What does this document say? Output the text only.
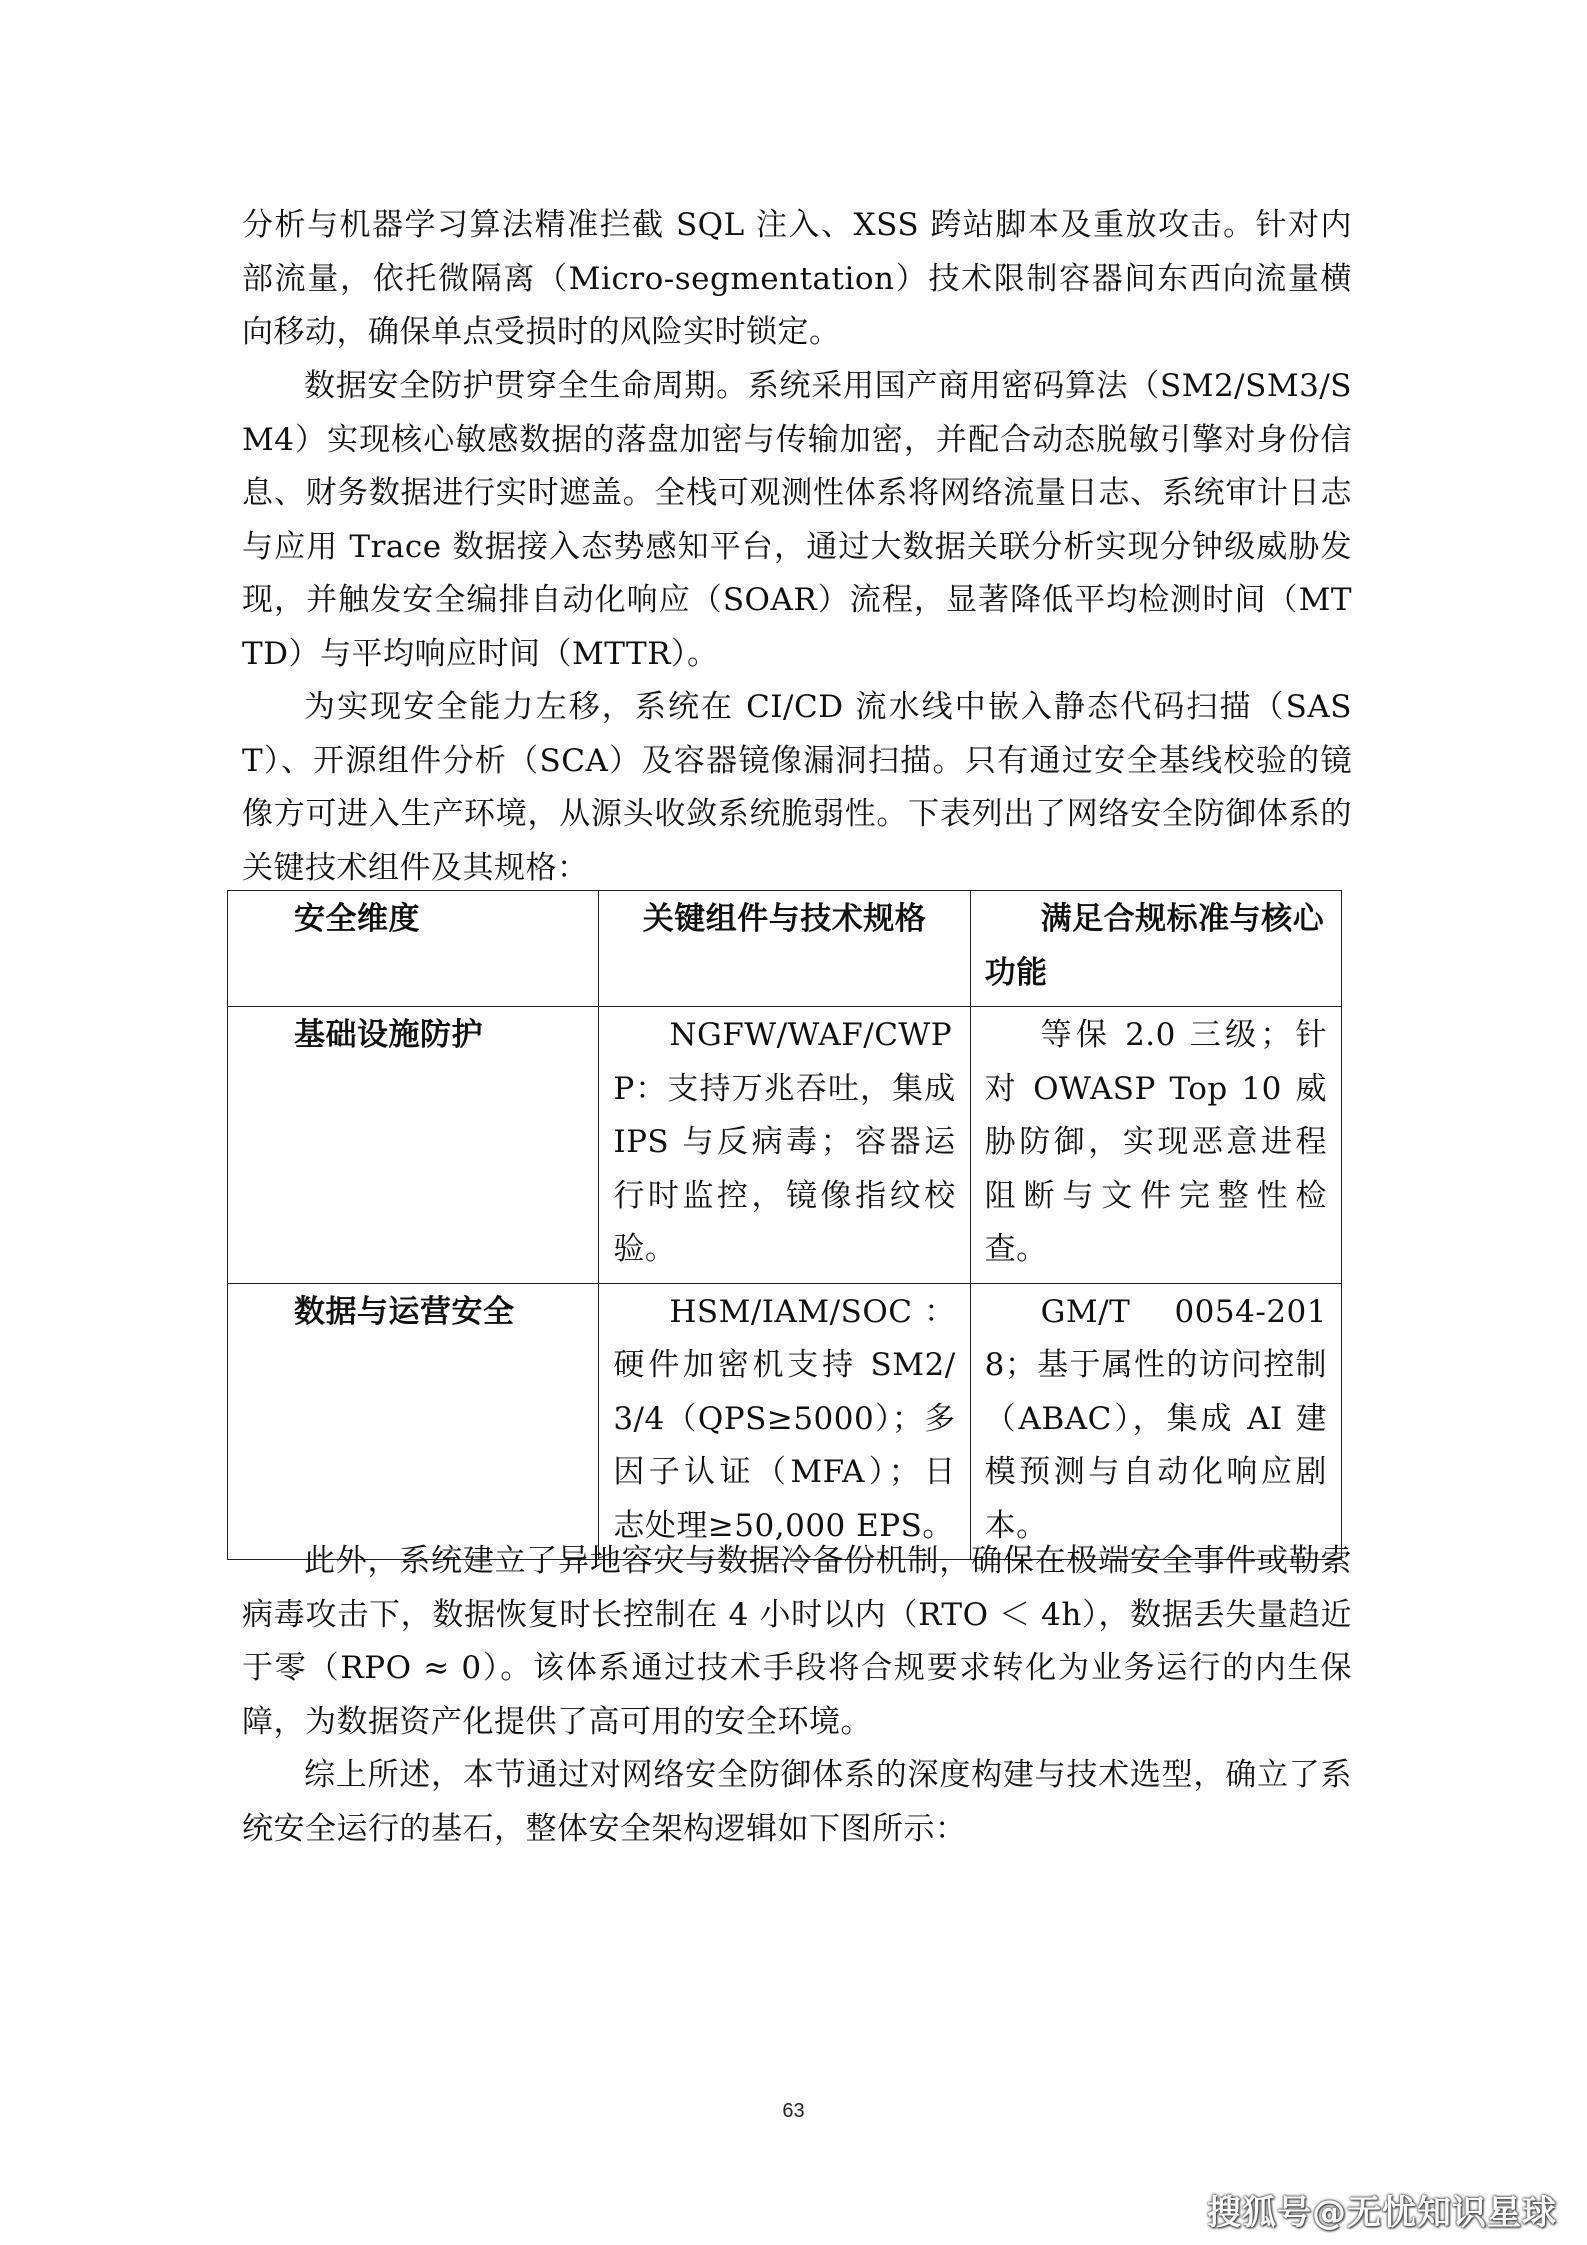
分析与机器学习算法精准拦截 SQL 注入、XSS 跨站脚本及重放攻击。针对内部流量，依托微隔离（Micro-segmentation）技术限制容器间东西向流量横向移动，确保单点受损时的风险实时锁定。

数据安全防护贯穿全生命周期。系统采用国产商用密码算法（SM2/SM3/SM4）实现核心敏感数据的落盘加密与传输加密，并配合动态脱敏引擎对身份信息、财务数据进行实时遮盖。全栈可观测性体系将网络流量日志、系统审计日志与应用 Trace 数据接入态势感知平台，通过大数据关联分析实现分钟级威胁发现，并触发安全编排自动化响应（SOAR）流程，显著降低平均检测时间（MTTD）与平均响应时间（MTTR）。

为实现安全能力左移，系统在 CI/CD 流水线中嵌入静态代码扫描（SAST）、开源组件分析（SCA）及容器镜像漏洞扫描。只有通过安全基线校验的镜像方可进入生产环境，从源头收敛系统脆弱性。下表列出了网络安全防御体系的关键技术组件及其规格：

安全维度	关键组件与技术规格	满足合规标准与核心功能
基础设施防护	NGFW/WAF/CWPP：支持万兆吞吐，集成 IPS 与反病毒；容器运行时监控，镜像指纹校验。	等保 2.0 三级；针对 OWASP Top 10 威胁防御，实现恶意进程阻断与文件完整性检查。
数据与运营安全	HSM/IAM/SOC：硬件加密机支持 SM2/3/4（QPS≥5000）；多因子认证（MFA）；日志处理≥50,000 EPS。	GM/T 0054-2018；基于属性的访问控制（ABAC），集成 AI 建模预测与自动化响应剧本。

此外，系统建立了异地容灾与数据冷备份机制，确保在极端安全事件或勒索病毒攻击下，数据恢复时长控制在 4 小时以内（RTO ＜ 4h），数据丢失量趋近于零（RPO ≈ 0）。该体系通过技术手段将合规要求转化为业务运行的内生保障，为数据资产化提供了高可用的安全环境。

综上所述，本节通过对网络安全防御体系的深度构建与技术选型，确立了系统安全运行的基石，整体安全架构逻辑如下图所示：

63
搜狐号@无忧知识星球
